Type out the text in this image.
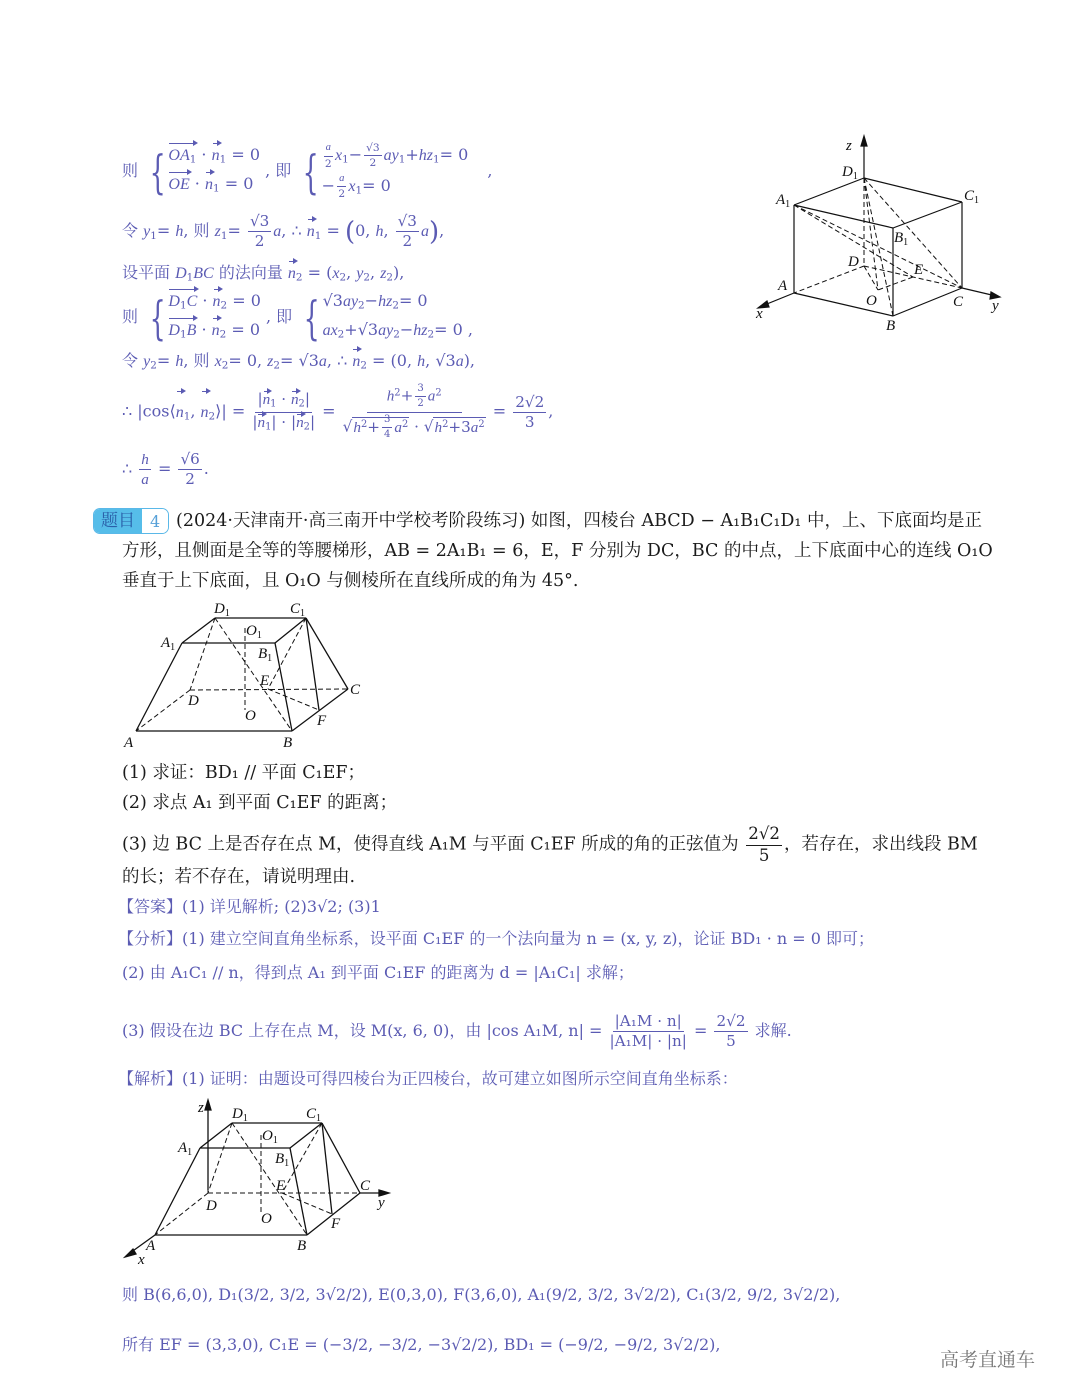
则 { $OA_1 \cdot n_1 = 0$
OE · $n_1 = 0$
, 即 { $\frac{a}{2} x_1- \frac{√3}{2} ay_1+hz_1= 0$
− $\frac{a}{2} x_1= 0$
,
令 $y_1= h$, 则 $z_1= \frac{√3}{2} a$, ∴ $n_1 = (0$, h, $\frac{√3}{2} a$),
设平面 $D_1BC$ 的法向量 $n_2 = (x_2$, $y_2$, $z_2$),
则 { $D_1C \cdot n_2 = 0$
$D_1B \cdot n_2 = 0$
, 即 { $√3ay_2-hz_2= 0$
$ax_2+√3ay_2-hz_2= 0$ ,
令 $y_2= h$, 则 $x_2= 0$, $z_2= √3a$, ∴ $n_2 = (0$, h, √3a),
∴ $|\cos⟨n_1$, $n_2⟩| = \frac{|n_1 \cdot n_2|}{|n_1| \cdot |n_2|} = \frac{h^2+ \frac{3}{2} a^2}{√h^2+ \frac{3}{4} a^2 \cdot √h^2+3a^2} = \frac{2√2}{3}$ ,
∴ $\frac{h}{a} = \frac{√6}{2}$ .
z
$D_1$
$A_1$
$C_1$
$B_1$
D	E
A
O	C
B
x	y
题目 4 (2024·天津南开·高三南开中学校考阶段练习) 如图，四棱台 ABCD − A₁B₁C₁D₁ 中，上、下底面均是正
方形，且侧面是全等的等腰梯形，AB = 2A₁B₁ = 6，E，F 分别为 DC，BC 的中点，上下底面中心的连线 O₁O
垂直于上下底面，且 O₁O 与侧棱所在直线所成的角为 45°.
$D_1$	$C_1$
$A_1$
$O_1$
$B_1$
E
C
D
O	F
A	B
(1) 求证：BD₁ // 平面 C₁EF；
(2) 求点 A₁ 到平面 C₁EF 的距离；
(3) 边 BC 上是否存在点 M，使得直线 A₁M 与平面 C₁EF 所成的角的正弦值为 $\frac{2√2}{5}$ ，若存在，求出线段 BM
的长；若不存在，请说明理由.
【答案】(1) 详见解析; (2)3√2; (3)1
【分析】(1) 建立空间直角坐标系，设平面 C₁EF 的一个法向量为 n = (x, y, z)，论证 BD₁ · n = 0 即可；
(2) 由 A₁C₁ // n，得到点 A₁ 到平面 C₁EF 的距离为 d = |A₁C₁| 求解；
(3) 假设在边 BC 上存在点 M，设 M(x, 6, 0)，由 |cos A₁M, $n| = \frac{\text{|A₁M · n|}}{\text{|A₁M| · |n|}} = \frac{2√2}{5}$ 求解.
【解析】(1) 证明：由题设可得四棱台为正四棱台，故可建立如图所示空间直角坐标系：
z $D_1$	$C_1$
$A_1$
$O_1$
$B_1$
E	C
y
D
O	F
A	B
x
则 B(6,6,0), D₁(3/2, 3/2, 3√2/2), E(0,3,0), F(3,6,0), A₁(9/2, 3/2, 3√2/2), C₁(3/2, 9/2, 3√2/2),
所有 EF = (3,3,0), C₁E = (−3/2, −3/2, −3√2/2), BD₁ = (−9/2, −9/2, 3√2/2),
高考直通车
